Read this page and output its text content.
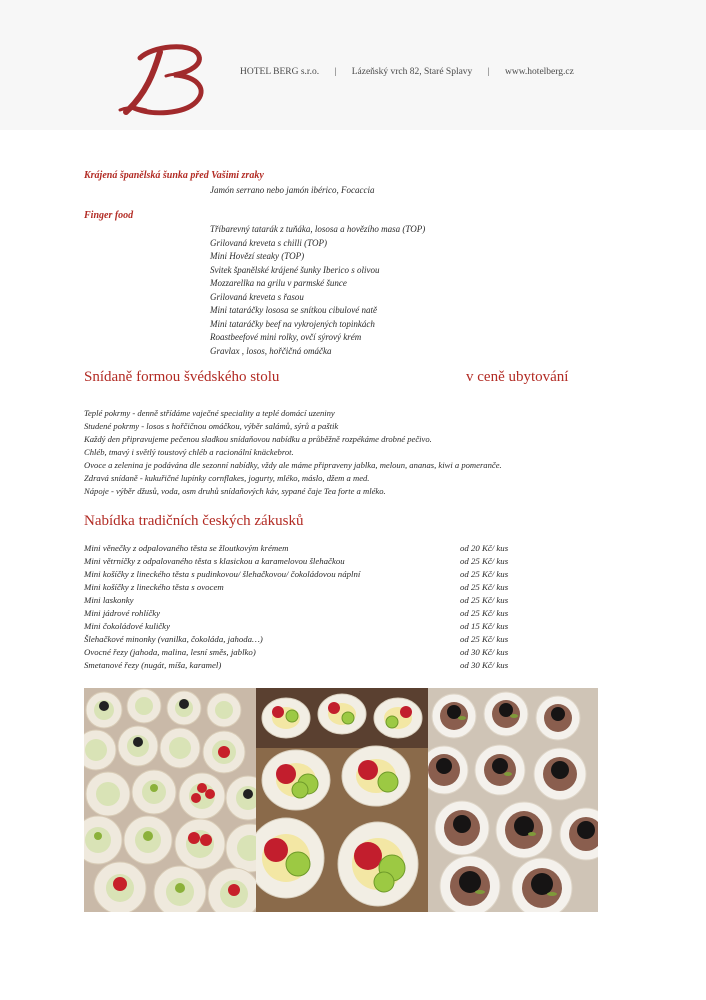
HOTEL BERG s.r.o. | Lázeňský vrch 82, Staré Splavy | www.hotelberg.cz
Krájená španělská šunka před Vašimi zraky
Jamón serrano nebo jamón ibérico, Focaccia
Finger food
Tříbarevný tatarák z tuňáka, lososa a hovězího masa (TOP)
Grilovaná kreveta s chilli (TOP)
Mini Hovězí steaky (TOP)
Svitek španělské krájené šunky Iberico s olivou
Mozzarellka na grilu v parmské šunce
Grilovaná kreveta s řasou
Mini tataráčky lososa se snítkou cibulové natě
Mini tataráčky beef na vykrojených topinkách
Roastbeefové mini rolky, ovčí sýrový krém
Gravlax , losos, hořčičná omáčka
Snídaně formou švédského stolu	v ceně ubytování
Teplé pokrmy - denně střídáme vaječné speciality a teplé domácí uzeniny
Studené pokrmy - losos s hořčičnou omáčkou, výběr salámů, sýrů a paštik
Každý den připravujeme pečenou sladkou snídaňovou nabídku a průběžně rozpékáme drobné pečivo.
Chléb, tmavý i světlý toustový chléb a racionální knäckebrot.
Ovoce a zelenina je podávána dle sezonní nabídky, vždy ale máme připraveny jablka, meloun, ananas, kiwi a pomeranče.
Zdravá snídaně - kukuřičné lupínky cornflakes, jogurty, mléko, máslo, džem a med.
Nápoje - výběr džusů, voda, osm druhů snídaňových káv, sypané čaje Tea forte a mléko.
Nabídka tradičních českých zákusků
Mini věnečky z odpalovaného těsta se žloutkovým krémem	od 20 Kč/ kus
Mini větrníčky z odpalovaného těsta s klasickou a karamelovou šlehačkou	od 25 Kč/ kus
Mini košíčky z lineckého těsta s pudinkovou/ šlehačkovou/ čokoládovou náplní	od 25 Kč/ kus
Mini košíčky z lineckého těsta s ovocem	od 25 Kč/ kus
Mini laskonky	od 25 Kč/ kus
Mini jádrové rohlíčky	od 25 Kč/ kus
Mini čokoládové kuličky	od 15 Kč/ kus
Šlehačkové minonky (vanilka, čokoláda, jahoda…)	od 25 Kč/ kus
Ovocné řezy (jahoda, malina, lesní směs, jablko)	od 30 Kč/ kus
Smetanové řezy (nugát, míša, karamel)	od 30 Kč/ kus
